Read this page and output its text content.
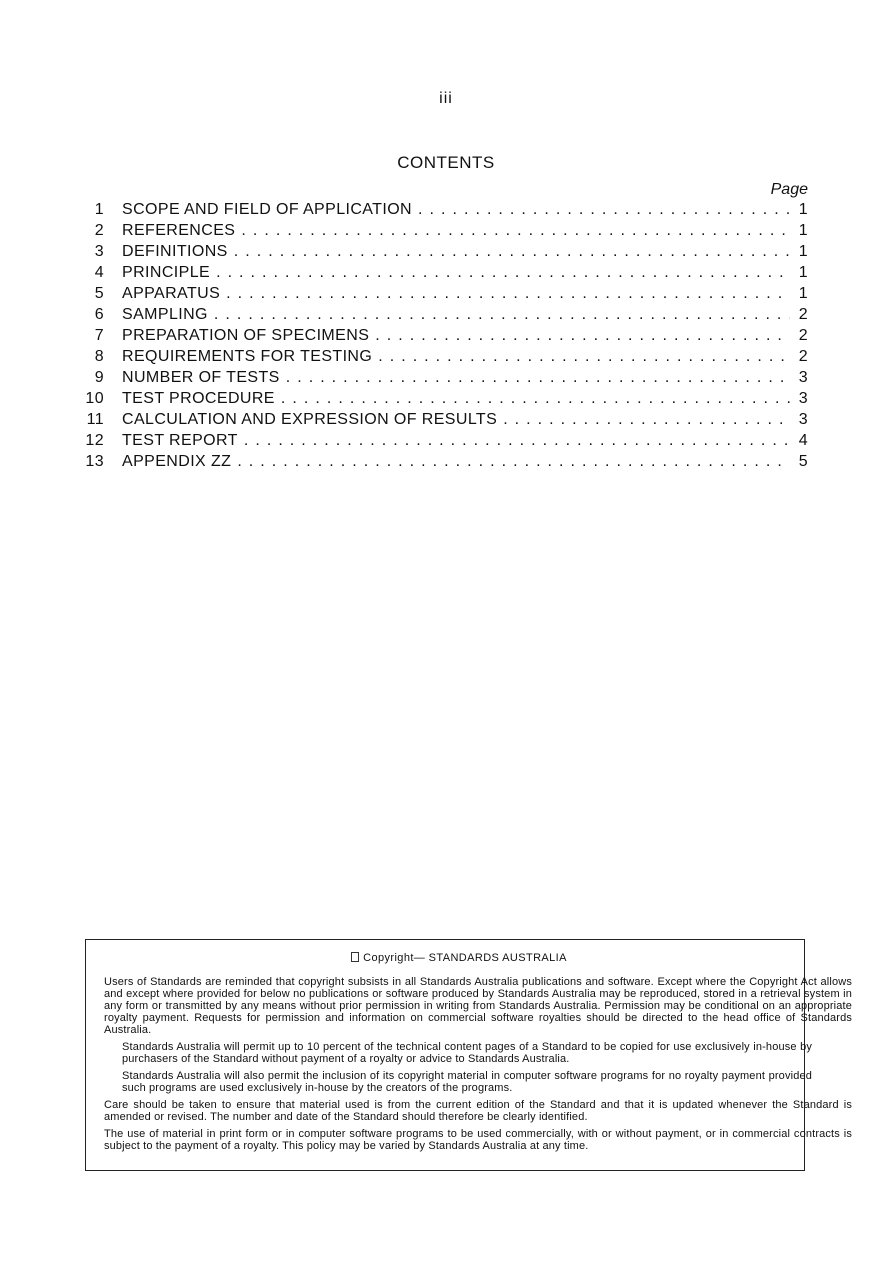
iii
CONTENTS
Page
1 SCOPE AND FIELD OF APPLICATION . . .	1
2 REFERENCES . . .	1
3 DEFINITIONS . . .	1
4 PRINCIPLE . . .	1
5 APPARATUS . . .	1
6 SAMPLING . . .	2
7 PREPARATION OF SPECIMENS . . .	2
8 REQUIREMENTS FOR TESTING . . .	2
9 NUMBER OF TESTS . . .	3
10 TEST PROCEDURE . . .	3
11 CALCULATION AND EXPRESSION OF RESULTS . . .	3
12 TEST REPORT . . .	4
13 APPENDIX ZZ . . .	5
Copyright— STANDARDS AUSTRALIA

Users of Standards are reminded that copyright subsists in all Standards Australia publications and software. Except where the Copyright Act allows and except where provided for below no publications or software produced by Standards Australia may be reproduced, stored in a retrieval system in any form or transmitted by any means without prior permission in writing from Standards Australia. Permission may be conditional on an appropriate royalty payment. Requests for permission and information on commercial software royalties should be directed to the head office of Standards Australia.

Standards Australia will permit up to 10 percent of the technical content pages of a Standard to be copied for use exclusively in-house by purchasers of the Standard without payment of a royalty or advice to Standards Australia.

Standards Australia will also permit the inclusion of its copyright material in computer software programs for no royalty payment provided such programs are used exclusively in-house by the creators of the programs.

Care should be taken to ensure that material used is from the current edition of the Standard and that it is updated whenever the Standard is amended or revised. The number and date of the Standard should therefore be clearly identified.

The use of material in print form or in computer software programs to be used commercially, with or without payment, or in commercial contracts is subject to the payment of a royalty. This policy may be varied by Standards Australia at any time.
